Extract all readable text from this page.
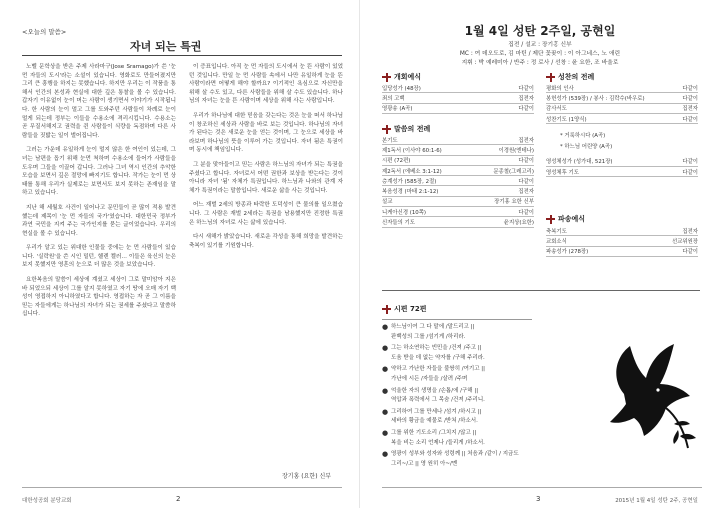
<오늘의 말씀>
자녀 되는 특권

노벨 문학상을 받은 주제 사라마구(Jose Sramago)가 쓴 '눈 먼 자들의 도시'라는 소설이 있습니다. 영화로도 만들어졌지만 그리 큰 흥행을 하지는 못했습니다. 하지만 우리는 이 작품을 통해서 인간의 본성과 현실에 대한 깊은 통찰을 볼 수 있습니다. 갑자기 이유없이 눈이 머는 사람이 생기면서 이야기가 시작됩니다. 한 사람의 눈이 멀고 그를 도와주던 사람들이 차례로 눈이 멀게 되는데 정부는 이들을 수용소에 격리시킵니다. 수용소는 곧 무질서해지고 권력을 쥔 사람들이 식량을 독점하며 다른 사람들을 짓밟는 일이 벌어집니다.

그러는 가운데 유일하게 눈이 멀지 않은 한 여인이 있는데, 그녀는 남편을 돕기 위해 눈먼 척하며 수용소에 들어가 사람들을 도우며 그들을 이끌어 갑니다. 그러나 그녀 역시 인간의 추악한 모습을 보면서 깊은 절망에 빠지기도 합니다. 작가는 눈이 먼 상태를 통해 우리가 실제로는 보면서도 보지 못하는 존재임을 말하고 있습니다.

지난 해 세월호 사건이 일어나고 문민들이 곧 많이 적용 발견했는데 제목이 '눈 먼 자들의 국가'였습니다. 대한민국 정부가 과연 국민을 지켜 주는 국가인지를 묻는 글이었습니다. 우리의 현실을 볼 수 있습니다.

우리가 알고 있는 위대한 인물들 중에는 눈 먼 사람들이 있습니다. '실락원'을 쓴 시인 밀턴, 헬렌 켈러… 이들은 육신의 눈은 보지 못했지만 영혼의 눈으로 더 많은 것을 보았습니다.

요한복음의 말씀이 세상에 계셨고 세상이 그로 말미암아 지은 바 되었으되 세상이 그를 알지 못하였고 자기 땅에 오매 자기 백성이 영접하지 아니하였다고 합니다. 영접하는 자 곧 그 이름을 믿는 자들에게는 하나님의 자녀가 되는 권세를 주셨다고 말씀하십니다.

이 증표입니다. 아직 눈 먼 자들의 도시에서 눈 뜬 사람이 있었던 것입니다. 만일 눈 먼 사람들 속에서 나만 유일하게 눈을 뜬 사람이라면 어떻게 해야 할까요? 이기적인 욕심으로 자신만을 위해 살 수도 있고, 다른 사람들을 위해 살 수도 있습니다. 하나님의 자녀는 눈을 뜬 사람이며 세상을 위해 사는 사람입니다.

우리가 하나님에 대한 믿음을 갖는다는 것은 눈을 떠서 하나님이 창조하신 세상과 사람을 바로 보는 것입니다. 하나님의 자녀가 된다는 것은 새로운 눈을 얻는 것이며, 그 눈으로 세상을 바라보며 하나님의 뜻을 이루어 가는 것입니다. 자녀 됨은 특권이며 동시에 책임입니다.

그 분을 맞아들이고 믿는 사람은 하느님의 자녀가 되는 특권을 주셨다고 합니다. 자녀로서 어떤 권한과 보상을 받는다는 것이 아니라 자녀 '됨' 자체가 특권입니다. 하느님과 나와의 관계 자체가 특권이라는 말씀입니다. 새로운 삶을 사는 것입니다.

어느 재벌 2세의 방종과 타락한 도덕성이 큰 물의를 일으켰습니다. 그 사람은 재벌 2세라는 특권을 남용했지만 진정한 특권은 하느님의 자녀로 사는 삶에 있습니다.

다시 새해가 밝았습니다. 새로운 각성을 통해 희망을 발견하는 축복이 있기를 기원합니다.

장기홍 (요한) 신부
대한성공회 분당교회	2
1월 4일 성탄 2주일, 공현일
집전 / 설교 : 장기홍 신부
MC : 여 데오도로, 김 마틴 / 제단 꽃꽂이 : 이 아그네스, 노 애린
지휘 : 박 예레미아 / 반주 : 정 로사 / 선창 : 윤 요한, 조 바울로
개회예식
입당성가 (48장)	다같이
죄의 고백	집전자
영광송 (A곡)	다같이
말씀의 전례
본기도	집전자
제1독서 (이사야 60:1-6)	이경원(엔테나)
시편 (72편)	다같이
제2독서 (에베소 3:1-12)	문종철(그레고리)
층계성가 (585장, 2절)	다같이
복음성경 (마태 2:1-12)	집전자
설교	장기홍 요한 신부
니케아신경 (10쪽)	다같이
신자들의 기도	윤지상(요한)
성찬의 전례
평화의 인사	다같이
봉헌성가 (539장) / 봉사 : 김락수(바우로)	다같이
감사서도	집전자
성찬기도 (1양식)	다같이
* 거룩하시다 (A곡)
* 하느님 어린양 (A곡)
영성체성가 (성가대, 521장)	다같이
영성체후 기도	다같이
파송예식
축복기도	집전자
교회소식	선교위원장
파송성가 (278장)	다같이
시편 72편
● 하느님이여 그 다 말에 /말드리고 ||
판백성의 그를 /섬기게 /하리라.
● 그는 하소연하는 빈민을 /건져 /주고 ||
도움 받을 데 없는 약자를 /구해 주리라.
● 약하고 가난한 자들을 불쌍히 /여기고 ||
가난에 시든 /자들을 /살려 /주며
● 억울한 자의 생명을 /손톱/에 /구해 ||
역압과 폭력에서 그 목숨 /건져 /주리니.
● 그리하여 그를 만세나 /섬겨 /하시고 ||
세바의 황금을 예물로 /받쳐 /하소서.
● 그를 위한 기도소리 /그치지 /않고 ||
복을 비는 소리 언제나 /들리게 /하소서.
● 영광이 성부와 성자와 성령께 || 처음과 /같이 / 지금도
그리~/고 || 영 원히 아~/멘
3	2015년 1월 4일 성탄 2주, 공현일
